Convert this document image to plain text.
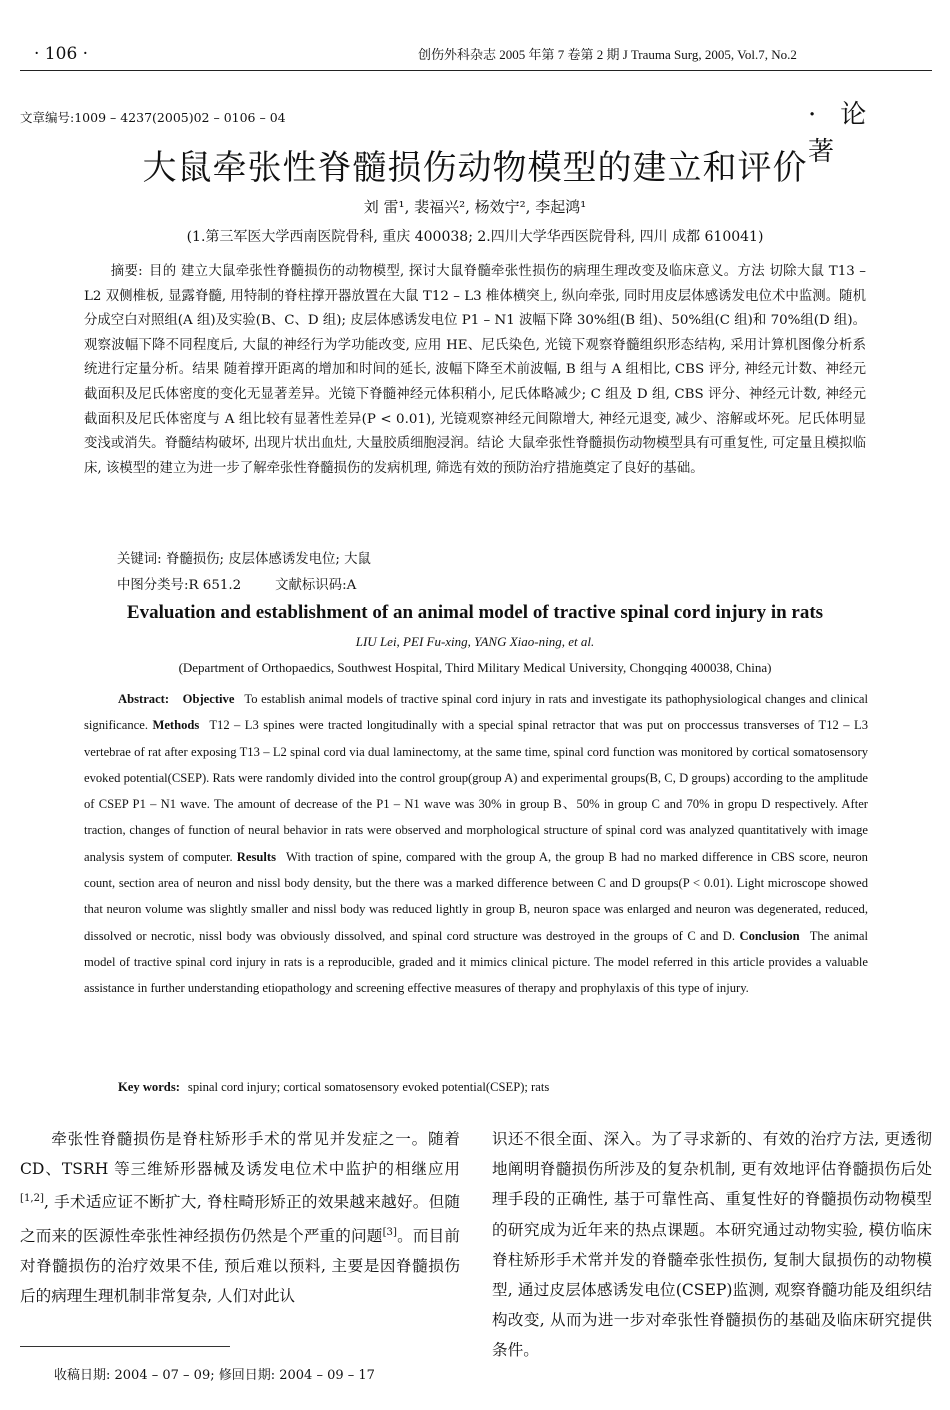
· 106 ·	创伤外科杂志 2005 年第 7 卷第 2 期 J Trauma Surg, 2005, Vol.7, No.2
文章编号:1009 – 4237(2005)02 – 0106 – 04	·论 著
大鼠牵张性脊髓损伤动物模型的建立和评价
刘 雷¹, 裴福兴², 杨效宁², 李起鸿¹
(1.第三军医大学西南医院骨科, 重庆 400038; 2.四川大学华西医院骨科, 四川 成都 610041)
摘要: 目的 建立大鼠牵张性脊髓损伤的动物模型, 探讨大鼠脊髓牵张性损伤的病理生理改变及临床意义。方法 切除大鼠 T13 – L2 双侧椎板, 显露脊髓, 用特制的脊柱撑开器放置在大鼠 T12 – L3 椎体横突上, 纵向牵张, 同时用皮层体感诱发电位术中监测。随机分成空白对照组(A 组)及实验(B、C、D 组); 皮层体感诱发电位 P1 – N1 波幅下降 30%组(B 组)、50%组(C 组)和 70%组(D 组)。观察波幅下降不同程度后, 大鼠的神经行为学功能改变, 应用 HE、尼氏染色, 光镜下观察脊髓组织形态结构, 采用计算机图像分析系统进行定量分析。结果 随着撑开距离的增加和时间的延长, 波幅下降至术前波幅, B 组与 A 组相比, CBS 评分, 神经元计数、神经元截面积及尼氏体密度的变化无显著差异。光镜下脊髓神经元体积稍小, 尼氏体略减少; C 组及 D 组, CBS 评分、神经元计数, 神经元截面积及尼氏体密度与 A 组比较有显著性差异(P < 0.01), 光镜观察神经元间隙增大, 神经元退变, 减少、溶解或坏死。尼氏体明显变浅或消失。脊髓结构破坏, 出现片状出血灶, 大量胶质细胞浸润。结论 大鼠牵张性脊髓损伤动物模型具有可重复性, 可定量且模拟临床, 该模型的建立为进一步了解牵张性脊髓损伤的发病机理, 筛选有效的预防治疗措施奠定了良好的基础。
关键词: 脊髓损伤; 皮层体感诱发电位; 大鼠
中图分类号:R 651.2	文献标识码:A
Evaluation and establishment of an animal model of tractive spinal cord injury in rats
LIU Lei, PEI Fu-xing, YANG Xiao-ning, et al.
(Department of Orthopaedics, Southwest Hospital, Third Military Medical University, Chongqing 400038, China)
Abstract: Objective To establish animal models of tractive spinal cord injury in rats and investigate its pathophysiological changes and clinical significance. Methods T12 – L3 spines were tracted longitudinally with a special spinal retractor that was put on proccessus transverses of T12 – L3 vertebrae of rat after exposing T13 – L2 spinal cord via dual laminectomy, at the same time, spinal cord function was monitored by cortical somatosensory evoked potential(CSEP). Rats were randomly divided into the control group(group A) and experimental groups(B, C, D groups) according to the amplitude of CSEP P1 – N1 wave. The amount of decrease of the P1 – N1 wave was 30% in group B、50% in group C and 70% in gropu D respectively. After traction, changes of function of neural behavior in rats were observed and morphological structure of spinal cord was analyzed quantitatively with image analysis system of computer. Results With traction of spine, compared with the group A, the group B had no marked difference in CBS score, neuron count, section area of neuron and nissl body density, but the there was a marked difference between C and D groups(P < 0.01). Light microscope showed that neuron volume was slightly smaller and nissl body was reduced lightly in group B, neuron space was enlarged and neuron was degenerated, reduced, dissolved or necrotic, nissl body was obviously dissolved, and spinal cord structure was destroyed in the groups of C and D. Conclusion The animal model of tractive spinal cord injury in rats is a reproducible, graded and it mimics clinical picture. The model referred in this article provides a valuable assistance in further understanding etiopathology and screening effective measures of therapy and prophylaxis of this type of injury.
Key words: spinal cord injury; cortical somatosensory evoked potential(CSEP); rats
牵张性脊髓损伤是脊柱矫形手术的常见并发症之一。随着 CD、TSRH 等三维矫形器械及诱发电位术中监护的相继应用[1,2], 手术适应证不断扩大, 脊柱畸形矫正的效果越来越好。但随之而来的医源性牵张性神经损伤仍然是个严重的问题[3]。而目前对脊髓损伤的治疗效果不佳, 预后难以预料, 主要是因脊髓损伤后的病理生理机制非常复杂, 人们对此认
识还不很全面、深入。为了寻求新的、有效的治疗方法, 更透彻地阐明脊髓损伤所涉及的复杂机制, 更有效地评估脊髓损伤后处理手段的正确性, 基于可靠性高、重复性好的脊髓损伤动物模型的研究成为近年来的热点课题。本研究通过动物实验, 模仿临床脊柱矫形手术常并发的脊髓牵张性损伤, 复制大鼠损伤的动物模型, 通过皮层体感诱发电位(CSEP)监测, 观察脊髓功能及组织结构改变, 从而为进一步对牵张性脊髓损伤的基础及临床研究提供条件。
收稿日期: 2004 – 07 – 09; 修回日期: 2004 – 09 – 17
